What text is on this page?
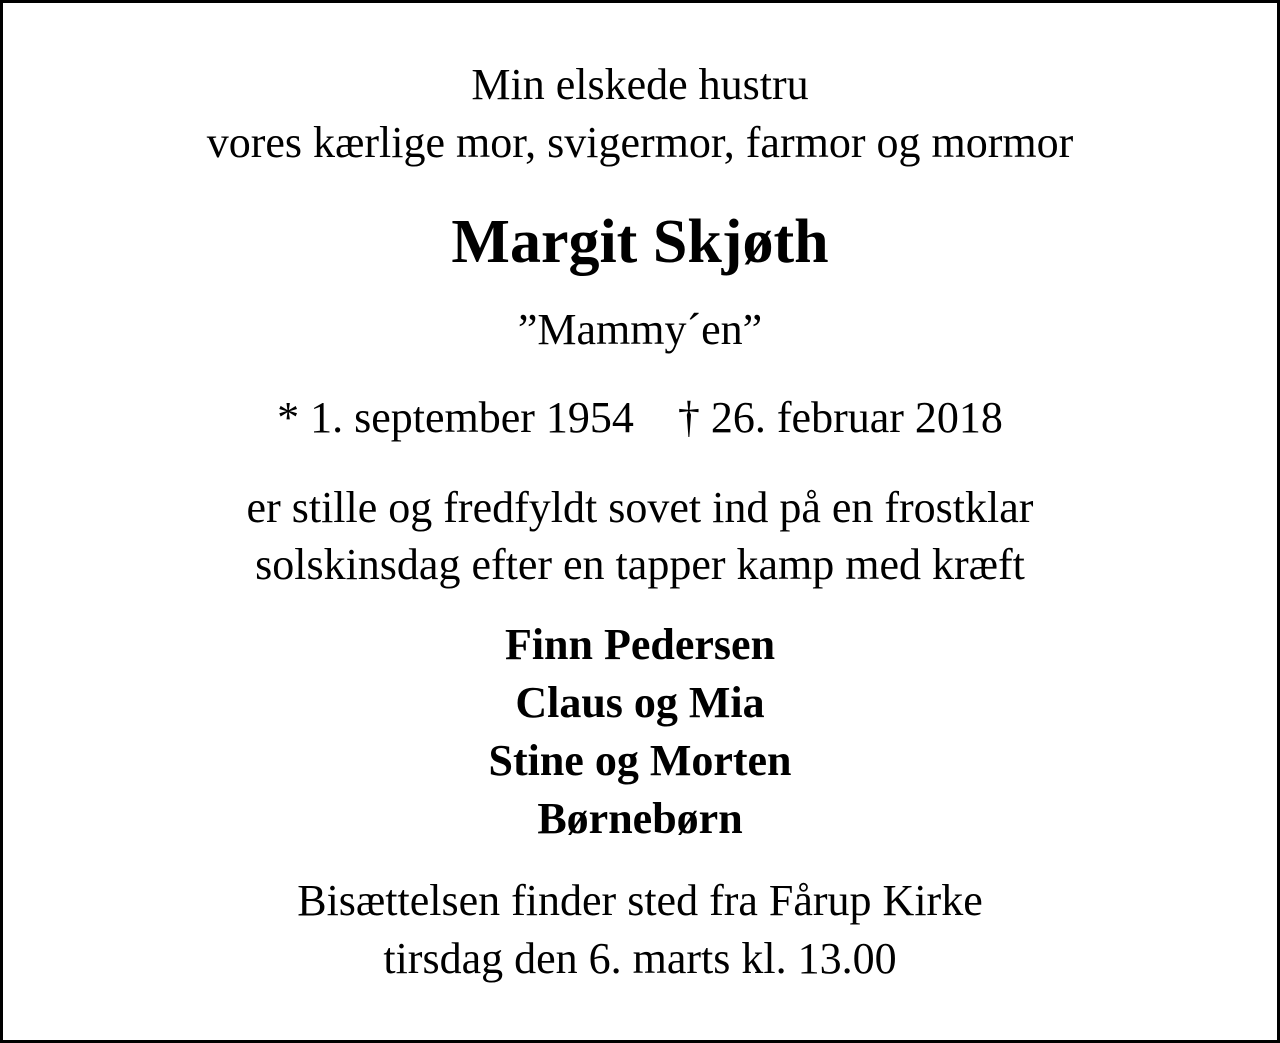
Min elskede hustru
vores kærlige mor, svigermor, farmor og mormor
Margit Skjøth
”Mammy´en”
* 1. september 1954    † 26. februar 2018
er stille og fredfyldt sovet ind på en frostklar
solskinsdag efter en tapper kamp med kræft
Finn Pedersen
Claus og Mia
Stine og Morten
Børnebørn
Bisættelsen finder sted fra Fårup Kirke
tirsdag den 6. marts kl. 13.00
